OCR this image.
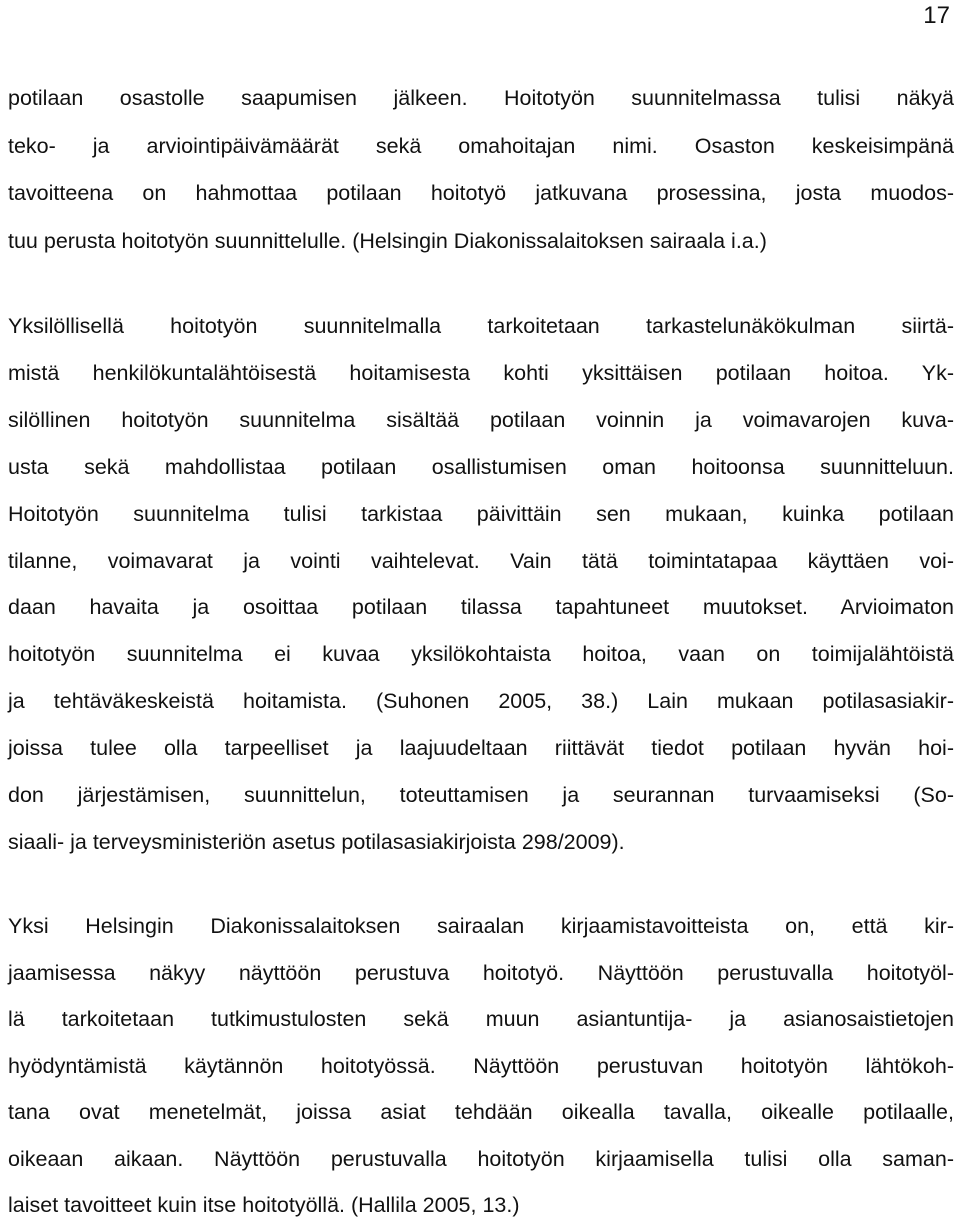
17
potilaan osastolle saapumisen jälkeen. Hoitotyön suunnitelmassa tulisi näkyä
teko- ja arviointipäivämäärät sekä omahoitajan nimi. Osaston keskeisimpänä
tavoitteena on hahmottaa potilaan hoitotyö jatkuvana prosessina, josta muodos-
tuu perusta hoitotyön suunnittelulle. (Helsingin Diakonissalaitoksen sairaala i.a.)
Yksilöllisellä hoitotyön suunnitelmalla tarkoitetaan tarkastelunäkökulman siirtä-
mistä henkilökuntalähtöisestä hoitamisesta kohti yksittäisen potilaan hoitoa. Yk-
silöllinen hoitotyön suunnitelma sisältää potilaan voinnin ja voimavarojen kuva-
usta sekä mahdollistaa potilaan osallistumisen oman hoitoonsa suunnitteluun.
Hoitotyön suunnitelma tulisi tarkistaa päivittäin sen mukaan, kuinka potilaan
tilanne, voimavarat ja vointi vaihtelevat. Vain tätä toimintatapaa käyttäen voi-
daan havaita ja osoittaa potilaan tilassa tapahtuneet muutokset. Arvioimaton
hoitotyön suunnitelma ei kuvaa yksilökohtaista hoitoa, vaan on toimijalähtöistä
ja tehtäväkeskeistä hoitamista. (Suhonen 2005, 38.) Lain mukaan potilasasiakir-
joissa tulee olla tarpeelliset ja laajuudeltaan riittävät tiedot potilaan hyvän hoi-
don järjestämisen, suunnittelun, toteuttamisen ja seurannan turvaamiseksi (So-
siaali- ja terveysministeriön asetus potilasasiakirjoista 298/2009).
Yksi Helsingin Diakonissalaitoksen sairaalan kirjaamistavoitteista on, että kir-
jaamisessa näkyy näyttöön perustuva hoitotyö. Näyttöön perustuvalla hoitotyöl-
lä tarkoitetaan tutkimustulosten sekä muun asiantuntija- ja asianosaistietojen
hyödyntämistä käytännön hoitotyössä. Näyttöön perustuvan hoitotyön lähtökoh-
tana ovat menetelmät, joissa asiat tehdään oikealla tavalla, oikealle potilaalle,
oikeaan aikaan. Näyttöön perustuvalla hoitotyön kirjaamisella tulisi olla saman-
laiset tavoitteet kuin itse hoitotyöllä. (Hallila 2005, 13.)
